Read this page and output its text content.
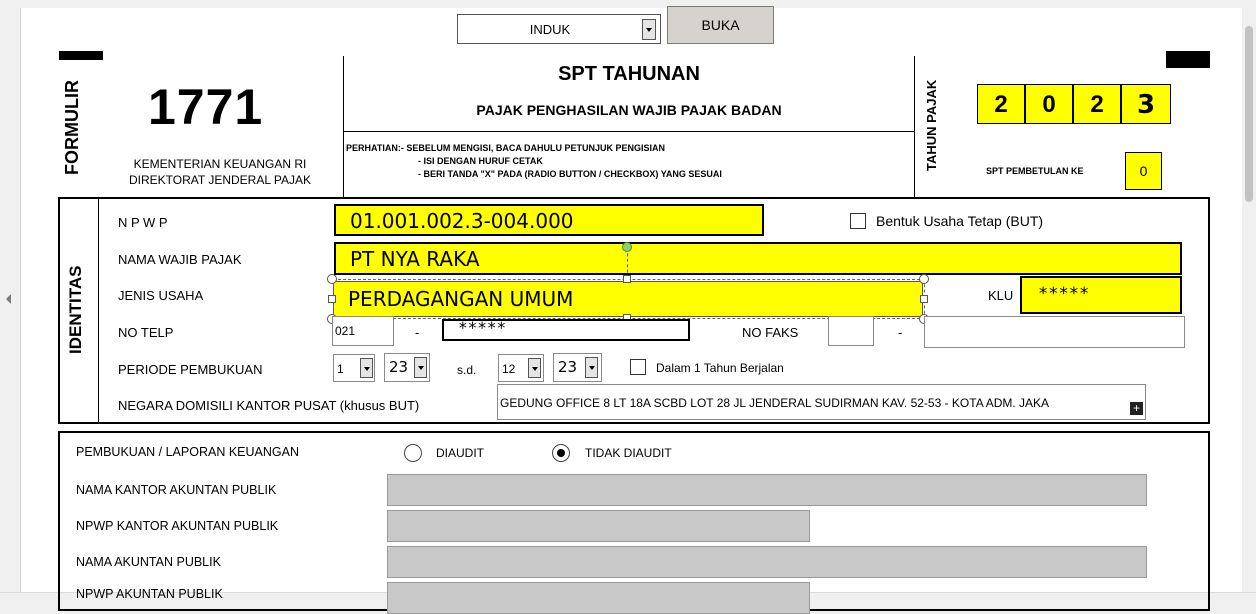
INDUK	BUKA
FORMULIR 1771
KEMENTERIAN KEUANGAN RI
DIREKTORAT JENDERAL PAJAK
SPT TAHUNAN
PAJAK PENGHASILAN WAJIB PAJAK BADAN
PERHATIAN:- SEBELUM MENGISI, BACA DAHULU PETUNJUK PENGISIAN
- ISI DENGAN HURUF CETAK
- BERI TANDA "X" PADA (RADIO BUTTON / CHECKBOX) YANG SESUAI
TAHUN PAJAK	2	0	2	3
SPT PEMBETULAN KE	0
IDENTITAS
N P W P	01.001.002.3-004.000	Bentuk Usaha Tetap (BUT)
NAMA WAJIB PAJAK	PT NYA RAKA
JENIS USAHA	PERDAGANGAN UMUM	KLU *****
NO TELP	021	- *****	NO FAKS	-
PERIODE PEMBUKUAN	1	23	s.d. 12	23	Dalam 1 Tahun Berjalan
NEGARA DOMISILI KANTOR PUSAT (khusus BUT)	GEDUNG OFFICE 8 LT 18A SCBD LOT 28 JL JENDERAL SUDIRMAN KAV. 52-53 - KOTA ADM. JAKA	+
PEMBUKUAN / LAPORAN KEUANGAN	DIAUDIT	TIDAK DIAUDIT
NAMA KANTOR AKUNTAN PUBLIK
NPWP KANTOR AKUNTAN PUBLIK
NAMA AKUNTAN PUBLIK
NPWP AKUNTAN PUBLIK
